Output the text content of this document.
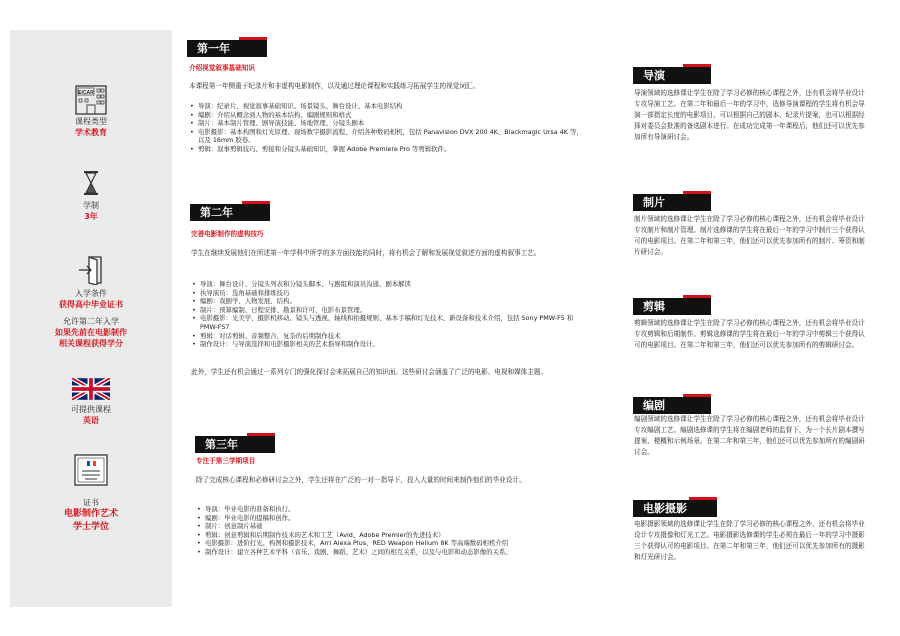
EICAR
课程类型
学术教育
学制
3年
入学条件
获得高中毕业证书
允许第二年入学
如果先前在电影制作
相关课程获得学分
可提供课程
英语
证书
电影制作艺术
学士学位
第一年
介绍视觉叙事基础知识
本课程第一年侧重于纪录片和非虚构电影制作，以及通过理论课程和实践练习拓展学生的视觉词汇。
• 导演：纪录片、视觉叙事基础知识、场景镜头、舞台设计、基本电影结构
• 编剧：介绍从概念到人物的基本结构、编剧规则和格式
• 制片：基本制片管理、剧导演技能、场地管理、分镜头剧本
• 电影摄影：基本构图和灯光原理、现场数字摄影流程、介绍各种数码相机，包括 Panavision DVX 200 4K、Blackmagic Ursa 4K 等，以及 16mm 胶卷。
• 剪辑：叙事剪辑技巧、剪接和分镜头基础知识，掌握 Adobe Premiere Pro 等剪辑软件。
第二年
完善电影制作的虚构技巧
学生在继续发展他们在所述第一年学科中所学的多方面技能的同时，将有机会了解和发展视觉叙述方面的虚构叙事工艺。
• 导演：舞台设计、分镜头列表和分镜头脚本、与剧组和演员沟通、剧本解读
• 执导演员：选角基础和排练技巧
• 编剧：戏剧学、人物发展、结构。
• 制片：预算编制、日程安排、勘景和许可、电影布景管理。
• 电影摄影：光美学、摄影机移动、镜头与透视、轴线和拍摄规则、基本手稿和灯光技术、新设备和技术介绍，包括 Sony PMW-F5 和 PMW-FS7
• 剪辑：对话剪辑、音频整合、复杂的后期制作技术
• 制作设计：与导演选择和电影摄影相关的艺术指导和制作设计。
此外，学生还有机会通过一系列专门的强化探讨会来拓展自己的知识面。这些研讨会涵盖了广泛的电影、电视和媒体主题。
第三年
专注于第三学期项目
除了完成核心课程和必修研讨会之外，学生还将在广泛的一对一指导下，投入大量的时间来制作他们的毕业设计。
• 导演：毕业电影的准备和执行。
• 编剧：毕业电影的提稿和创作。
• 制片：创意制片基础
• 剪辑：创意剪辑和后期制作技术的艺术和工艺（Avid、Adobe Premier的先进技术）
• 电影摄影：进阶打光、构图和摄影技术，Arri Alexa Plus、RED Weapon Helium 8K 等高端数码相机介绍
• 制作设计：建立各种艺术学科（音乐、戏剧、舞蹈、艺术）之间的相互关系，以及与电影和动态影像的关系。
导演
导演领域的选修课让学生在除了学习必修的核心课程之外，还有机会将毕业设计专攻导演工艺。在第二年和最后一年的学习中，选修导演课程的学生将有机会导演一部指定长度的电影项目，可以根据自己的剧本、纪录片提案，也可以根据经择对委员会批准的备选剧本进行。在成功完成第一年课程后，他们还可以优先参加所有导演研讨会。
制片
制片领域的选修课让学生在除了学习必修的核心课程之外，还有机会将毕业设计专攻制片和制片管理。制片选修课的学生将在最后一年的学习中制片三个获得认可的电影项目。在第二年和第三年，他们还可以优先参加所有的制片、筹资和制片研讨会。
剪辑
剪辑领域的选修课让学生在除了学习必修的核心课程之外，还有机会将毕业设计专攻剪辑和后期制作。剪辑选修课的学生将在最后一年的学习中剪辑三个获得认可的电影项目。在第二年和第三年，他们还可以优先参加所有的剪辑研讨会。
编剧
编剧领域的选修课让学生在除了学习必修的核心课程之外，还有机会将毕业设计专攻编剧工艺。编剧选修课的学生将在编剧老师的监督下，为一个长片剧本撰写提案、梗概和示例场景。在第二年和第三年，他们还可以优先参加所有的编剧研讨会。
电影摄影
电影摄影领域的选修课让学生在除了学习必修的核心课程之外，还有机会将毕业设计专攻摄像和灯光工艺。电影摄影选修课的学生必须在最后一年的学习中摄影三个获得认可的电影项目。在第二年和第三年，他们还可以优先参加所有的摄影和灯光研讨会。
